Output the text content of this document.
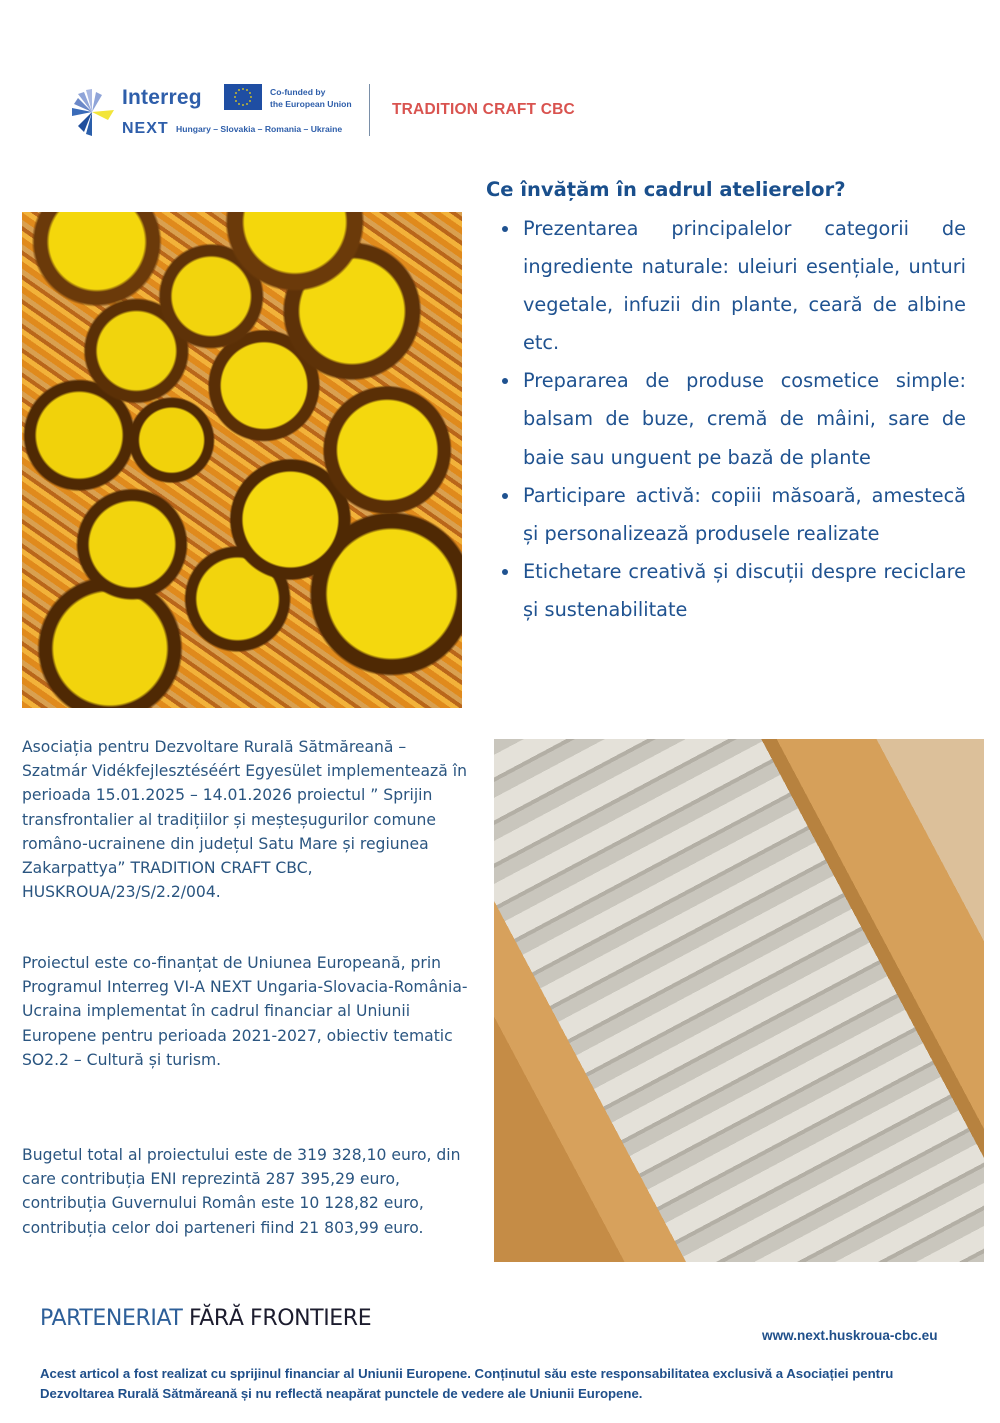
Interreg
NEXT Hungary – Slovakia – Romania – Ukraine
Co-funded by
the European Union	TRADITION CRAFT CBC
Ce învățăm în cadrul atelierelor?
Prezentarea principalelor categorii de ingrediente naturale: uleiuri esențiale, unturi vegetale, infuzii din plante, ceară de albine etc.
Prepararea de produse cosmetice simple: balsam de buze, cremă de mâini, sare de baie sau unguent pe bază de plante
Participare activă: copiii măsoară, amestecă și personalizează produsele realizate
Etichetare creativă și discuții despre reciclare și sustenabilitate
Asociația pentru Dezvoltare Rurală Sătmăreană – Szatmár Vidékfejlesztéséért Egyesület implementează în perioada 15.01.2025 – 14.01.2026 proiectul ” Sprijin transfrontalier al tradițiilor și meșteșugurilor comune româno-ucrainene din județul Satu Mare și regiunea Zakarpattya” TRADITION CRAFT CBC, HUSKROUA/23/S/2.2/004.
Proiectul este co-finanțat de Uniunea Europeană, prin Programul Interreg VI-A NEXT Ungaria-Slovacia-România-Ucraina implementat în cadrul financiar al Uniunii Europene pentru perioada 2021-2027, obiectiv tematic SO2.2 – Cultură și turism.
Bugetul total al proiectului este de 319 328,10 euro, din care contribuția ENI reprezintă 287 395,29 euro, contribuția Guvernului Român este 10 128,82 euro, contribuția celor doi parteneri fiind 21 803,99 euro.
PARTENERIAT FĂRĂ FRONTIERE
www.next.huskroua-cbc.eu
Acest articol a fost realizat cu sprijinul financiar al Uniunii Europene. Conținutul său este responsabilitatea exclusivă a Asociației pentru Dezvoltarea Rurală Sătmăreană și nu reflectă neapărat punctele de vedere ale Uniunii Europene.
